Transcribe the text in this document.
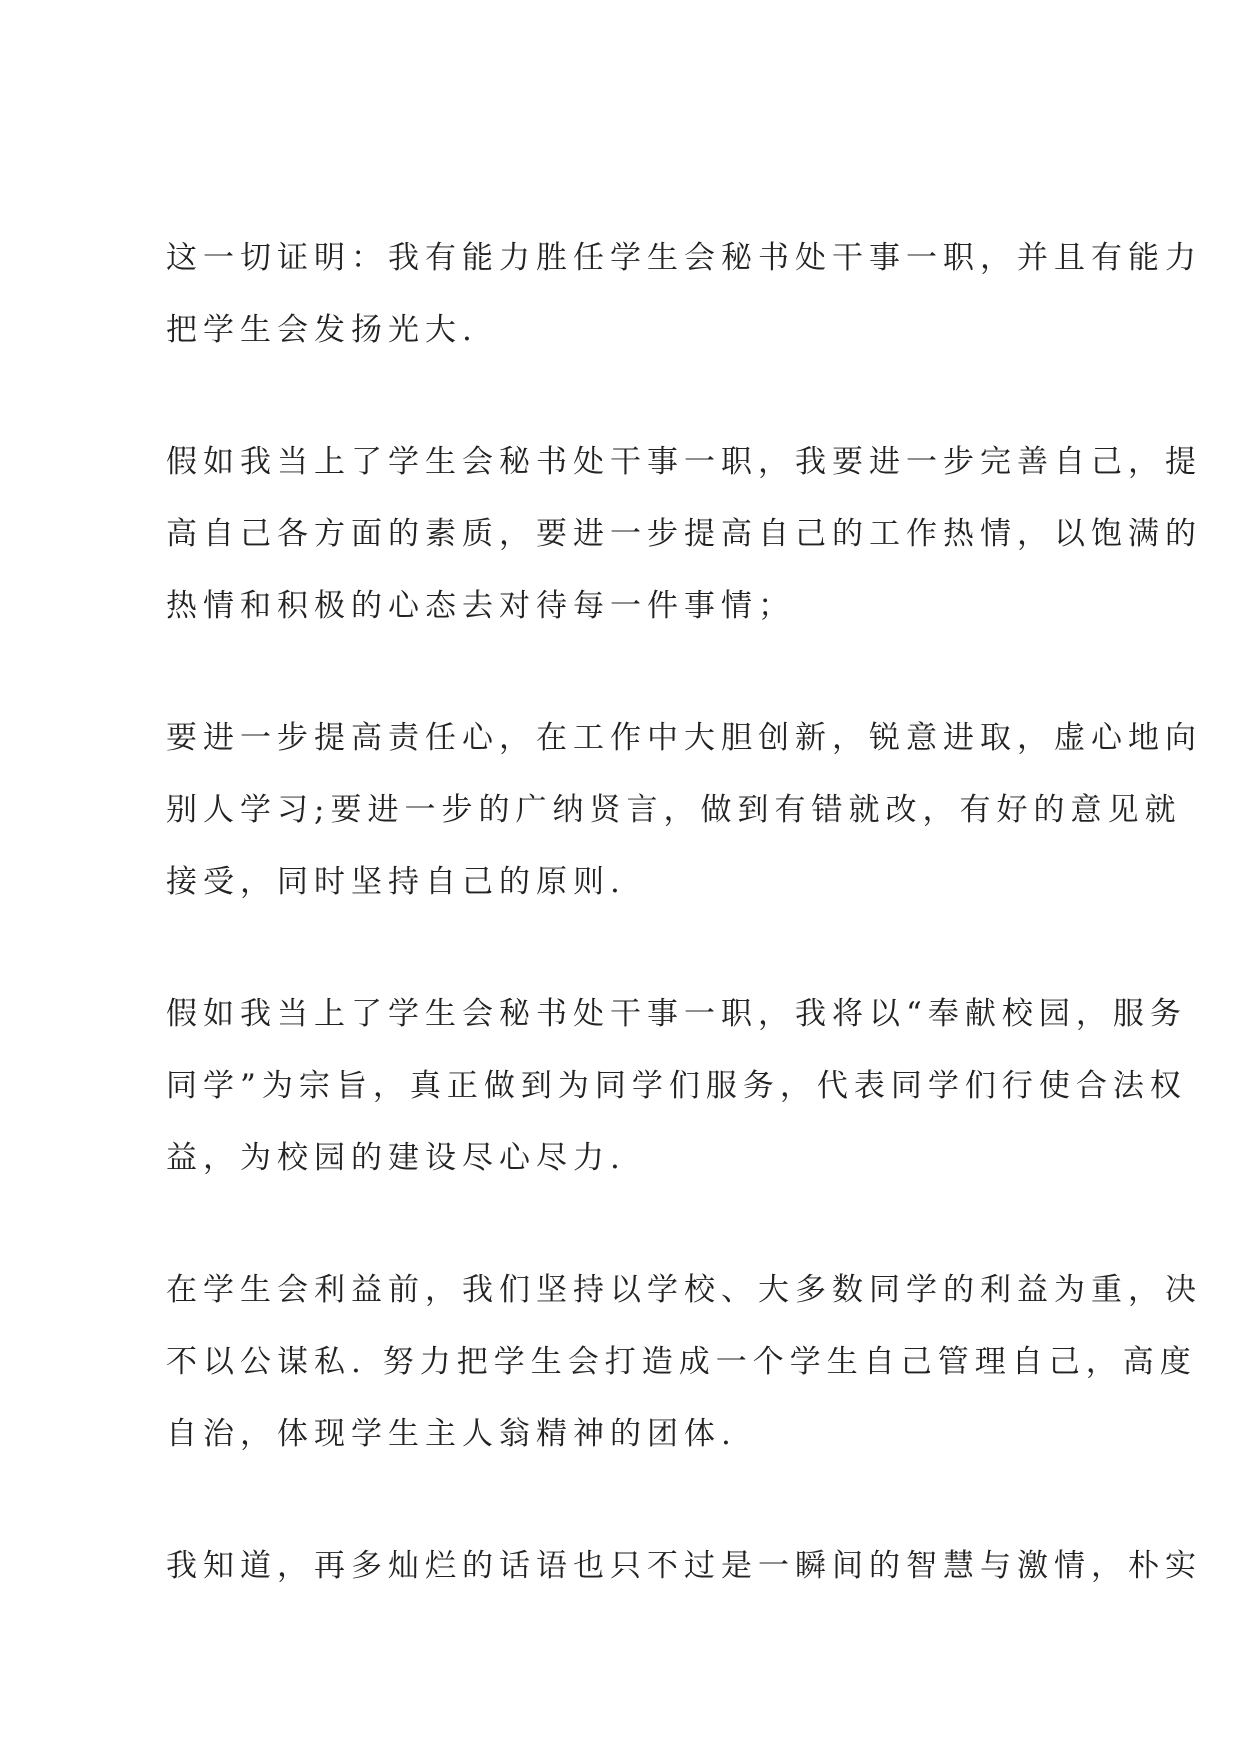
这一切证明：我有能力胜任学生会秘书处干事一职，并且有能力
把学生会发扬光大.

假如我当上了学生会秘书处干事一职，我要进一步完善自己，提
高自己各方面的素质，要进一步提高自己的工作热情，以饱满的
热情和积极的心态去对待每一件事情；

要进一步提高责任心，在工作中大胆创新，锐意进取，虚心地向
别人学习;要进一步的广纳贤言，做到有错就改，有好的意见就
接受，同时坚持自己的原则.

假如我当上了学生会秘书处干事一职，我将以“奉献校园，服务
同学”为宗旨，真正做到为同学们服务，代表同学们行使合法权
益，为校园的建设尽心尽力.

在学生会利益前，我们坚持以学校、大多数同学的利益为重，决
不以公谋私. 努力把学生会打造成一个学生自己管理自己，高度
自治，体现学生主人翁精神的团体.

我知道，再多灿烂的话语也只不过是一瞬间的智慧与激情，朴实
